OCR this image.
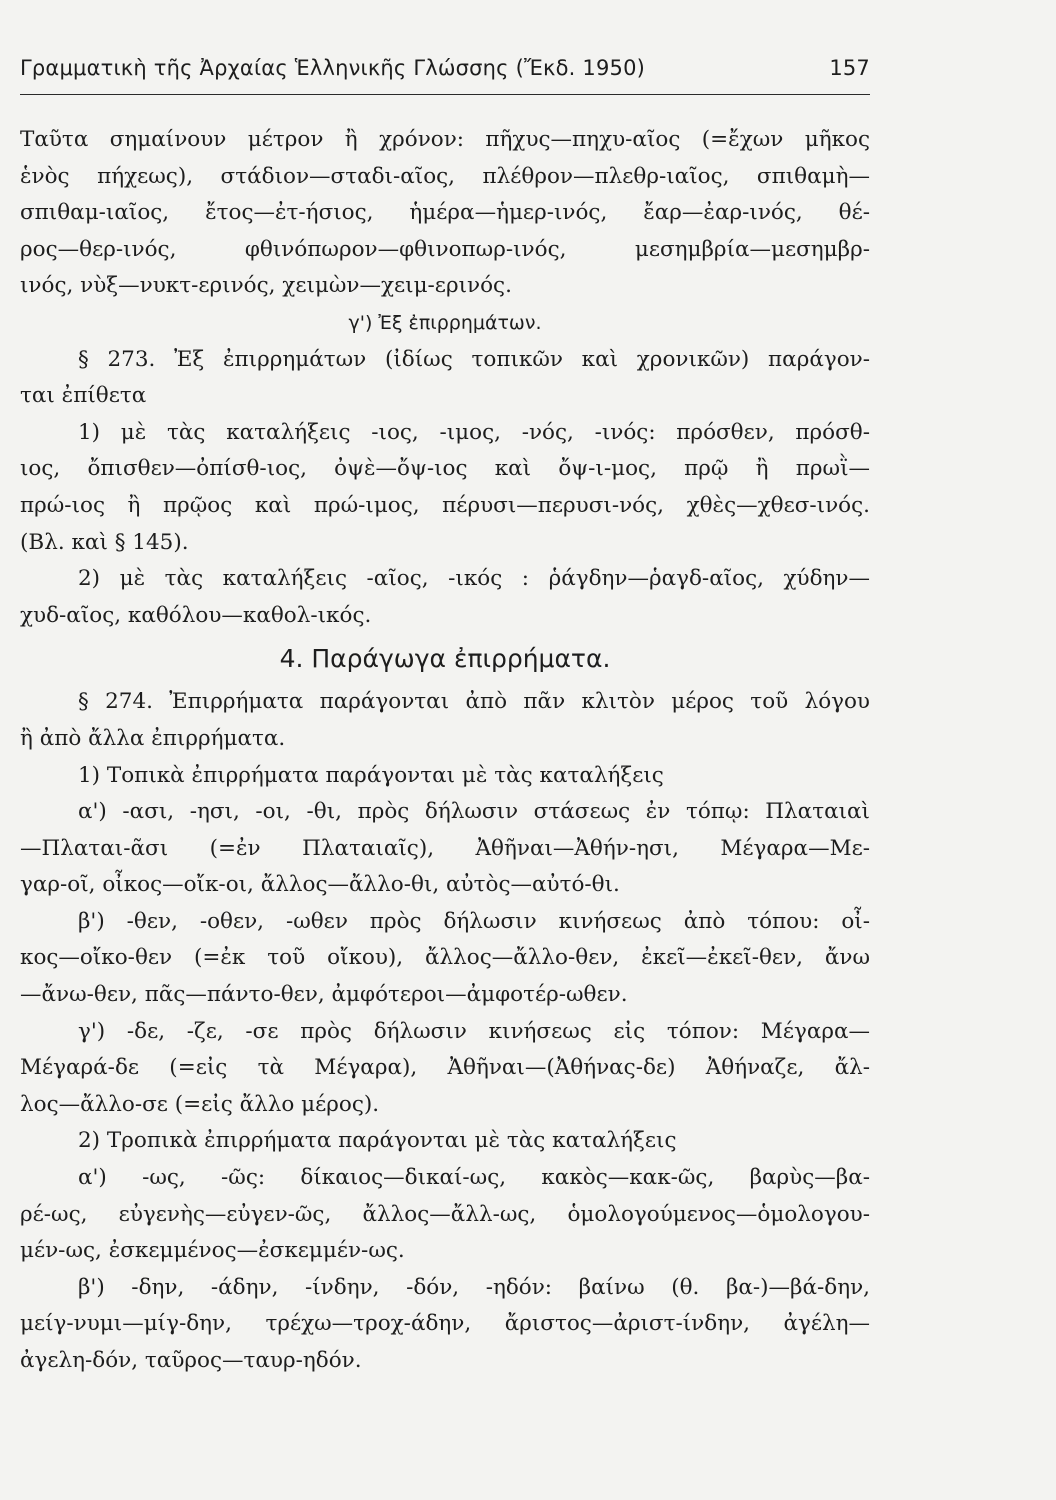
Γραμματικὴ τῆς Ἀρχαίας Ἑλληνικῆς Γλώσσης (Ἔκδ. 1950)	157
Ταῦτα σημαίνουν μέτρον ἢ χρόνον: πῆχυς—πηχυ-αῖος (=ἔχων μῆκος
ἑνὸς πήχεως), στάδιον—σταδι-αῖος, πλέθρον—πλεθρ-ιαῖος, σπιθαμὴ—
σπιθαμ-ιαῖος, ἔτος—ἐτ-ήσιος, ἡμέρα—ἡμερ-ινός, ἔαρ—ἐαρ-ινός, θέ-
ρος—θερ-ινός, φθινόπωρον—φθινοπωρ-ινός, μεσημβρία—μεσημβρ-
ινός, νὺξ—νυκτ-ερινός, χειμὼν—χειμ-ερινός.
γ') Ἐξ ἐπιρρημάτων.
§ 273. Ἐξ ἐπιρρημάτων (ἰδίως τοπικῶν καὶ χρονικῶν) παράγον-
ται ἐπίθετα
1) μὲ τὰς καταλήξεις -ιος, -ιμος, -νός, -ινός: πρόσθεν, πρόσθ-
ιος, ὄπισθεν—ὀπίσθ-ιος, ὀψὲ—ὄψ-ιος καὶ ὄψ-ι-μος, πρῷ ἢ πρωῒ—
πρώ-ιος ἢ πρῷος καὶ πρώ-ιμος, πέρυσι—περυσι-νός, χθὲς—χθεσ-ινός.
(Βλ. καὶ § 145).
2) μὲ τὰς καταλήξεις -αῖος, -ικός : ῥάγδην—ῥαγδ-αῖος, χύδην—
χυδ-αῖος, καθόλου—καθολ-ικός.
4. Παράγωγα ἐπιρρήματα.
§ 274. Ἐπιρρήματα παράγονται ἀπὸ πᾶν κλιτὸν μέρος τοῦ λόγου
ἢ ἀπὸ ἄλλα ἐπιρρήματα.
1) Τοπικὰ ἐπιρρήματα παράγονται μὲ τὰς καταλήξεις
α') -ασι, -ησι, -οι, -θι, πρὸς δήλωσιν στάσεως ἐν τόπῳ: Πλαταιαὶ
—Πλαται-ᾶσι (=ἐν Πλαταιαῖς), Ἀθῆναι—Ἀθήν-ησι, Μέγαρα—Με-
γαρ-οῖ, οἶκος—οἴκ-οι, ἄλλος—ἄλλο-θι, αὐτὸς—αὐτό-θι.
β') -θεν, -οθεν, -ωθεν πρὸς δήλωσιν κινήσεως ἀπὸ τόπου: οἶ-
κος—οἴκο-θεν (=ἐκ τοῦ οἴκου), ἄλλος—ἄλλο-θεν, ἐκεῖ—ἐκεῖ-θεν, ἄνω
—ἄνω-θεν, πᾶς—πάντο-θεν, ἀμφότεροι—ἀμφοτέρ-ωθεν.
γ') -δε, -ζε, -σε πρὸς δήλωσιν κινήσεως εἰς τόπον: Μέγαρα—
Μέγαρά-δε (=εἰς τὰ Μέγαρα), Ἀθῆναι—(Ἀθήνας-δε) Ἀθήναζε, ἄλ-
λος—ἄλλο-σε (=εἰς ἄλλο μέρος).
2) Τροπικὰ ἐπιρρήματα παράγονται μὲ τὰς καταλήξεις
α') -ως, -ῶς: δίκαιος—δικαί-ως, κακὸς—κακ-ῶς, βαρὺς—βα-
ρέ-ως, εὐγενὴς—εὐγεν-ῶς, ἄλλος—ἄλλ-ως, ὁμολογούμενος—ὁμολογου-
μέν-ως, ἐσκεμμένος—ἐσκεμμέν-ως.
β') -δην, -άδην, -ίνδην, -δόν, -ηδόν: βαίνω (θ. βα-)—βά-δην,
μείγ-νυμι—μίγ-δην, τρέχω—τροχ-άδην, ἄριστος—ἀριστ-ίνδην, ἀγέλη—
ἀγελη-δόν, ταῦρος—ταυρ-ηδόν.
